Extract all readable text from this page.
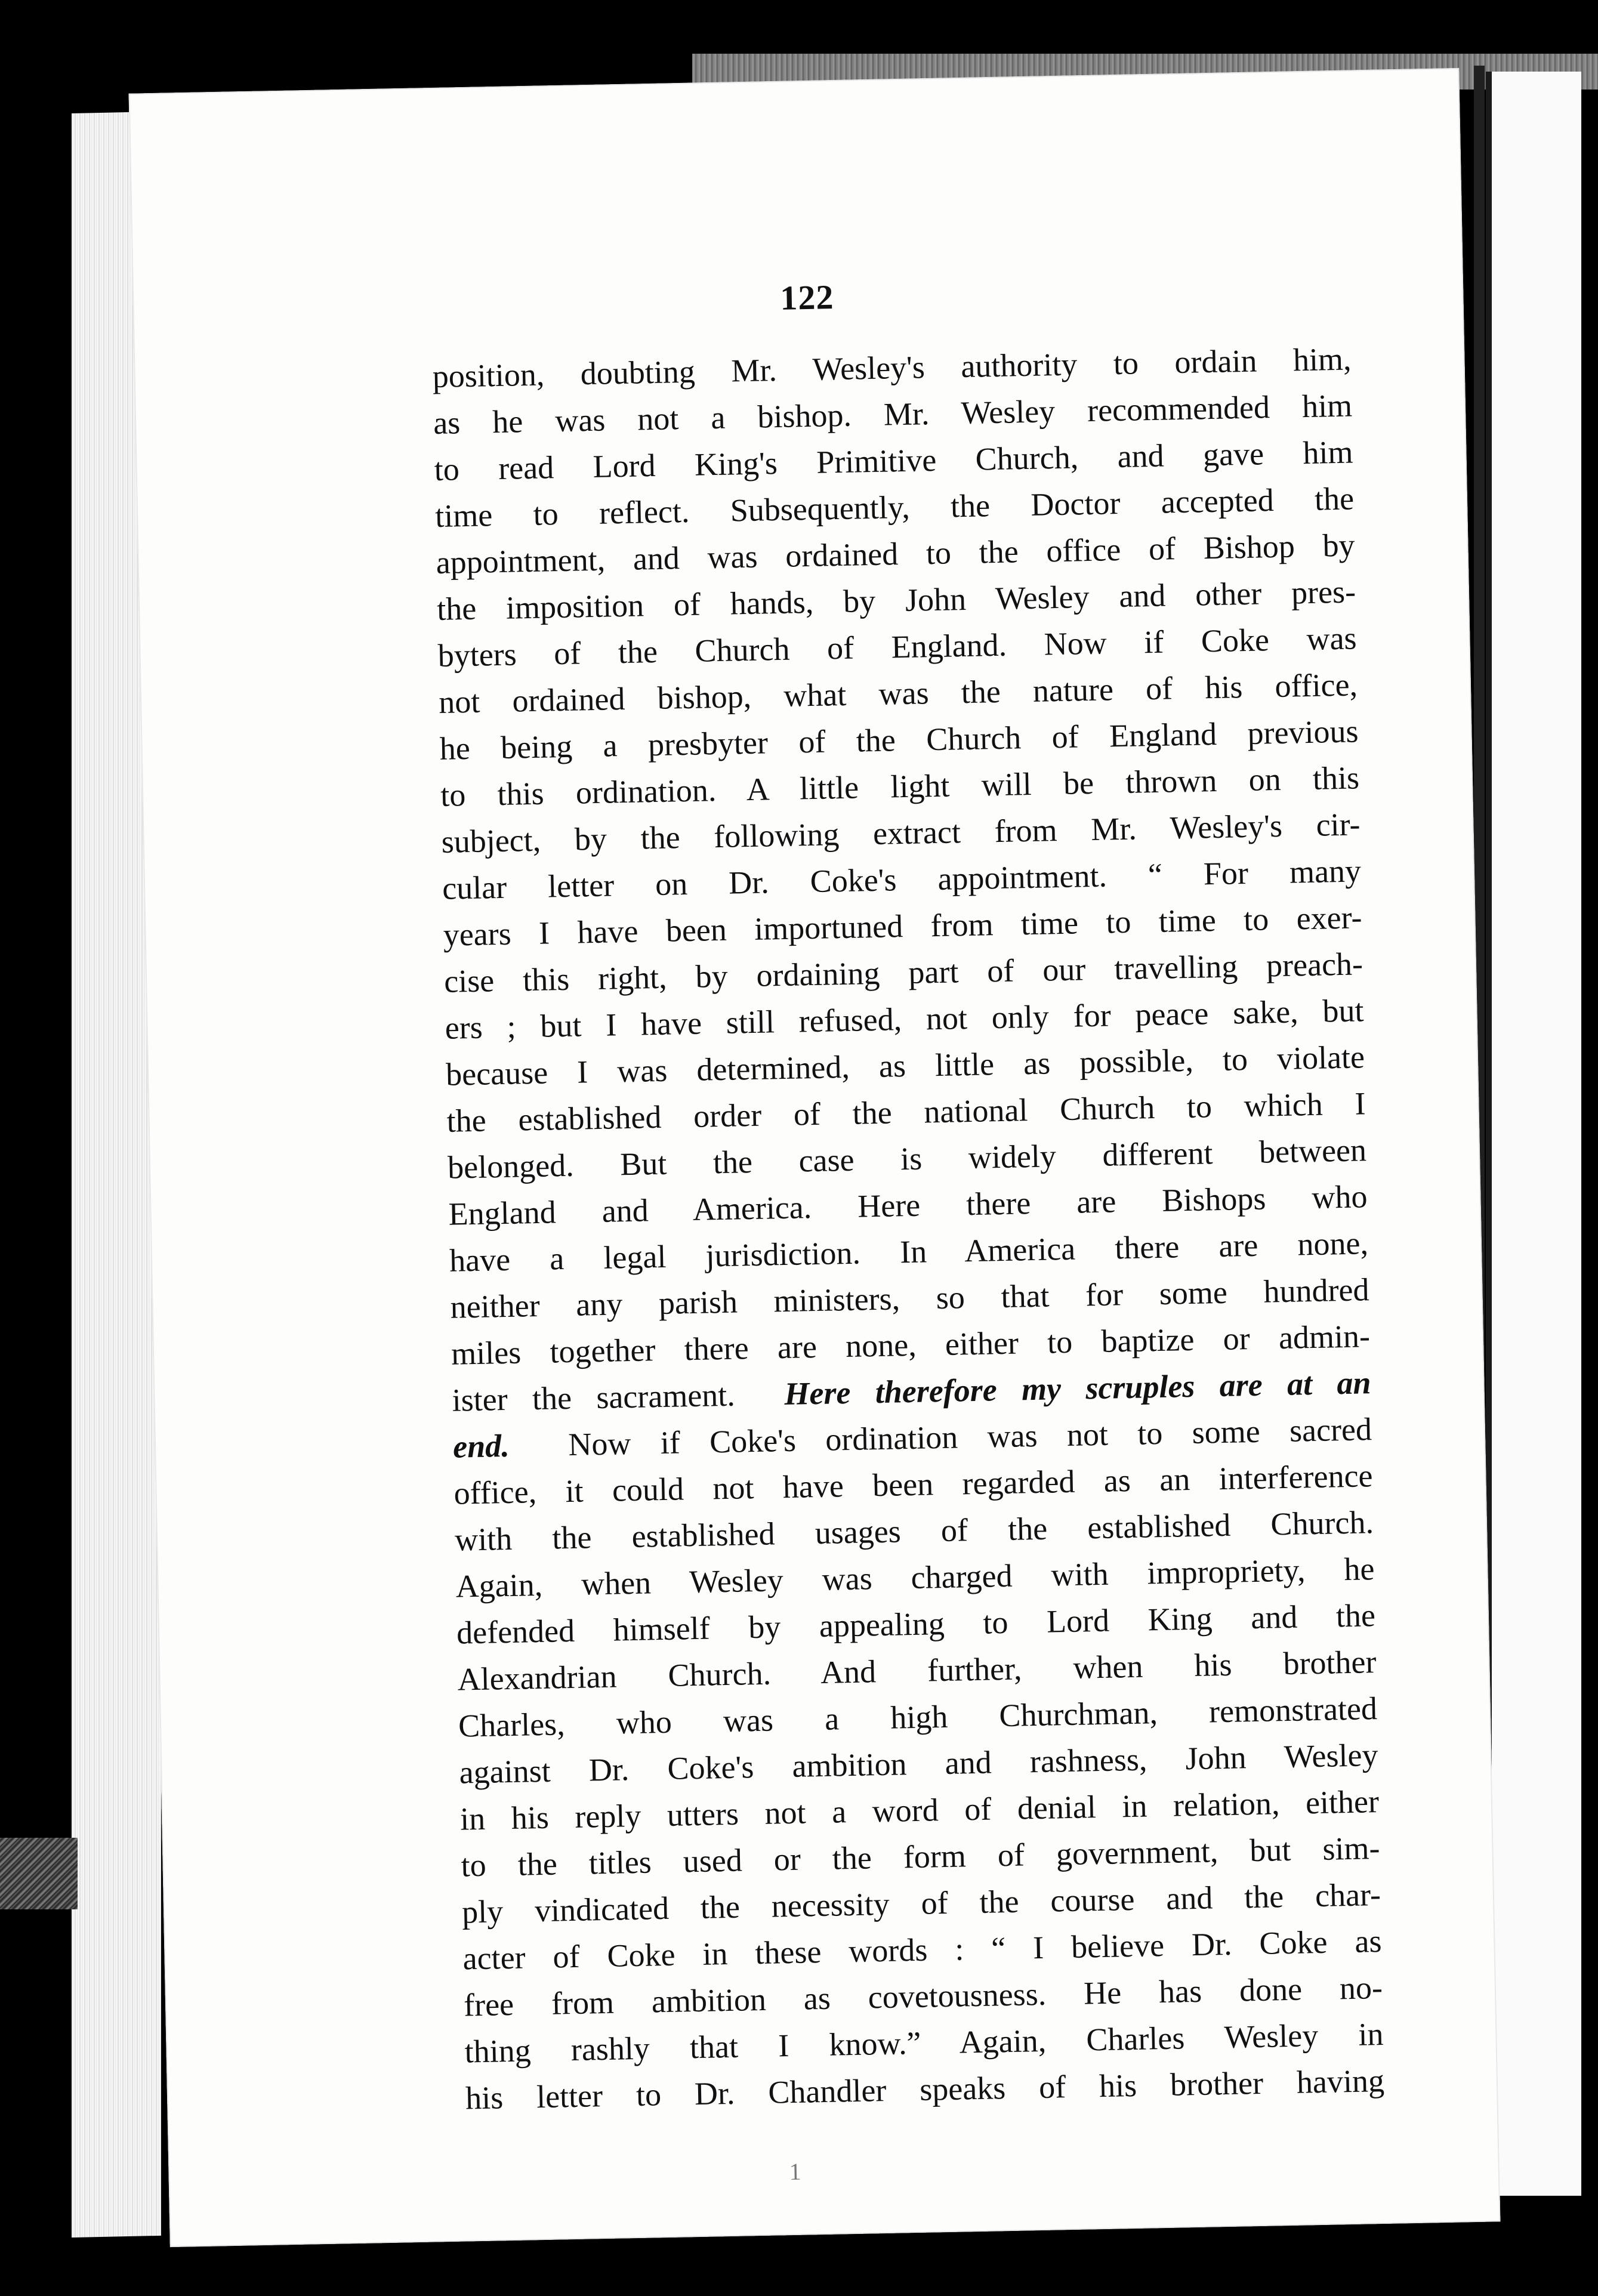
122
position, doubting Mr. Wesley's authority to ordain him,
as he was not a bishop. Mr. Wesley recommended him
to read Lord King's Primitive Church, and gave him
time to reflect. Subsequently, the Doctor accepted the
appointment, and was ordained to the office of Bishop by
the imposition of hands, by John Wesley and other pres-
byters of the Church of England. Now if Coke was
not ordained bishop, what was the nature of his office,
he being a presbyter of the Church of England previous
to this ordination. A little light will be thrown on this
subject, by the following extract from Mr. Wesley's cir-
cular letter on Dr. Coke's appointment. “ For many
years I have been importuned from time to time to exer-
cise this right, by ordaining part of our travelling preach-
ers ; but I have still refused, not only for peace sake, but
because I was determined, as little as possible, to violate
the established order of the national Church to which I
belonged. But the case is widely different between
England and America. Here there are Bishops who
have a legal jurisdiction. In America there are none,
neither any parish ministers, so that for some hundred
miles together there are none, either to baptize or admin-
ister the sacrament. Here therefore my scruples are at an
end. Now if Coke's ordination was not to some sacred
office, it could not have been regarded as an interference
with the established usages of the established Church.
Again, when Wesley was charged with impropriety, he
defended himself by appealing to Lord King and the
Alexandrian Church. And further, when his brother
Charles, who was a high Churchman, remonstrated
against Dr. Coke's ambition and rashness, John Wesley
in his reply utters not a word of denial in relation, either
to the titles used or the form of government, but sim-
ply vindicated the necessity of the course and the char-
acter of Coke in these words : “ I believe Dr. Coke as
free from ambition as covetousness. He has done no-
thing rashly that I know.” Again, Charles Wesley in
his letter to Dr. Chandler speaks of his brother having
1
